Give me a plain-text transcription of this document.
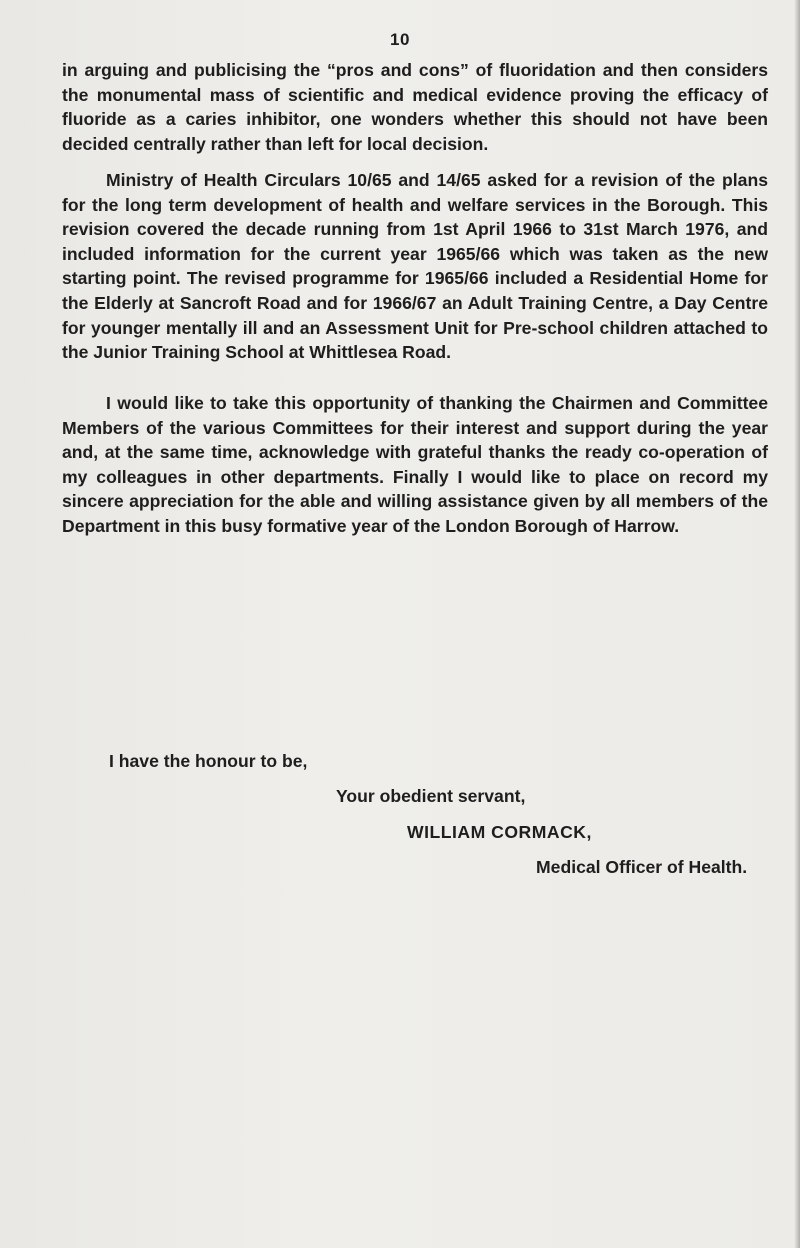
10

in arguing and publicising the “pros and cons” of fluoridation and then considers the monumental mass of scientific and medical evidence proving the efficacy of fluoride as a caries inhibitor, one wonders whether this should not have been decided centrally rather than left for local decision.

Ministry of Health Circulars 10/65 and 14/65 asked for a revision of the plans for the long term development of health and welfare services in the Borough. This revision covered the decade running from 1st April 1966 to 31st March 1976, and included information for the current year 1965/66 which was taken as the new starting point. The revised programme for 1965/66 included a Residential Home for the Elderly at Sancroft Road and for 1966/67 an Adult Training Centre, a Day Centre for younger mentally ill and an Assessment Unit for Pre-school children attached to the Junior Training School at Whittlesea Road.

I would like to take this opportunity of thanking the Chairmen and Committee Members of the various Committees for their interest and support during the year and, at the same time, acknowledge with grateful thanks the ready co-operation of my colleagues in other departments. Finally I would like to place on record my sincere appreciation for the able and willing assistance given by all members of the Department in this busy formative year of the London Borough of Harrow.

I have the honour to be,
Your obedient servant,
WILLIAM CORMACK,
Medical Officer of Health.
